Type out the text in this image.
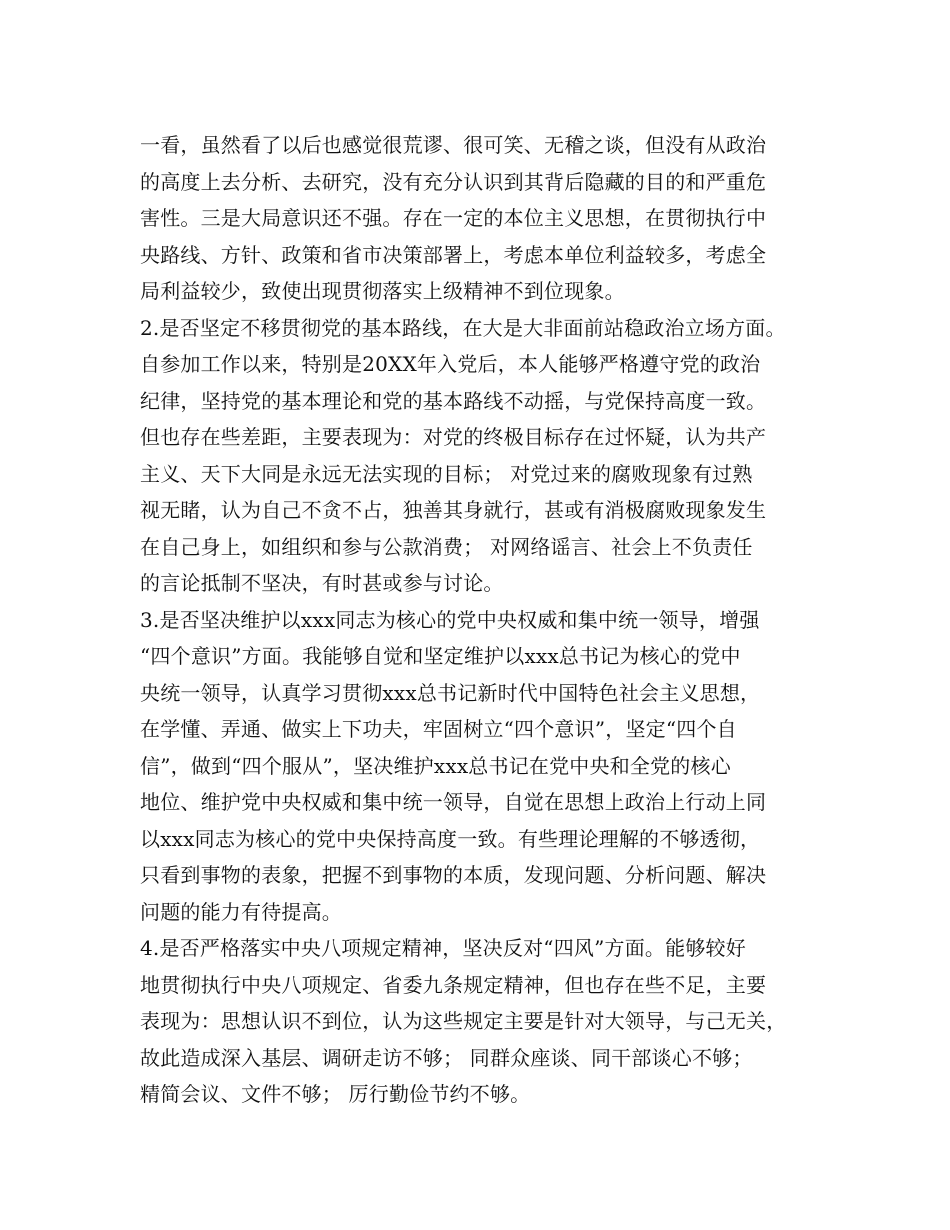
一看，虽然看了以后也感觉很荒谬、很可笑、无稽之谈，但没有从政治
的高度上去分析、去研究，没有充分认识到其背后隐藏的目的和严重危
害性。三是大局意识还不强。存在一定的本位主义思想，在贯彻执行中
央路线、方针、政策和省市决策部署上，考虑本单位利益较多，考虑全
局利益较少，致使出现贯彻落实上级精神不到位现象。
2.是否坚定不移贯彻党的基本路线，在大是大非面前站稳政治立场方面。
自参加工作以来，特别是20XX年入党后，本人能够严格遵守党的政治
纪律，坚持党的基本理论和党的基本路线不动摇，与党保持高度一致。
但也存在些差距，主要表现为：对党的终极目标存在过怀疑，认为共产
主义、天下大同是永远无法实现的目标； 对党过来的腐败现象有过熟
视无睹，认为自己不贪不占，独善其身就行，甚或有消极腐败现象发生
在自己身上，如组织和参与公款消费； 对网络谣言、社会上不负责任
的言论抵制不坚决，有时甚或参与讨论。
3.是否坚决维护以xxx同志为核心的党中央权威和集中统一领导，增强
“四个意识”方面。我能够自觉和坚定维护以xxx总书记为核心的党中
央统一领导，认真学习贯彻xxx总书记新时代中国特色社会主义思想，
在学懂、弄通、做实上下功夫，牢固树立“四个意识”，坚定“四个自
信”，做到“四个服从”，坚决维护xxx总书记在党中央和全党的核心
地位、维护党中央权威和集中统一领导，自觉在思想上政治上行动上同
以xxx同志为核心的党中央保持高度一致。有些理论理解的不够透彻，
只看到事物的表象，把握不到事物的本质，发现问题、分析问题、解决
问题的能力有待提高。
4.是否严格落实中央八项规定精神，坚决反对“四风”方面。能够较好
地贯彻执行中央八项规定、省委九条规定精神，但也存在些不足，主要
表现为：思想认识不到位，认为这些规定主要是针对大领导，与己无关，
故此造成深入基层、调研走访不够； 同群众座谈、同干部谈心不够；
精简会议、文件不够； 厉行勤俭节约不够。
